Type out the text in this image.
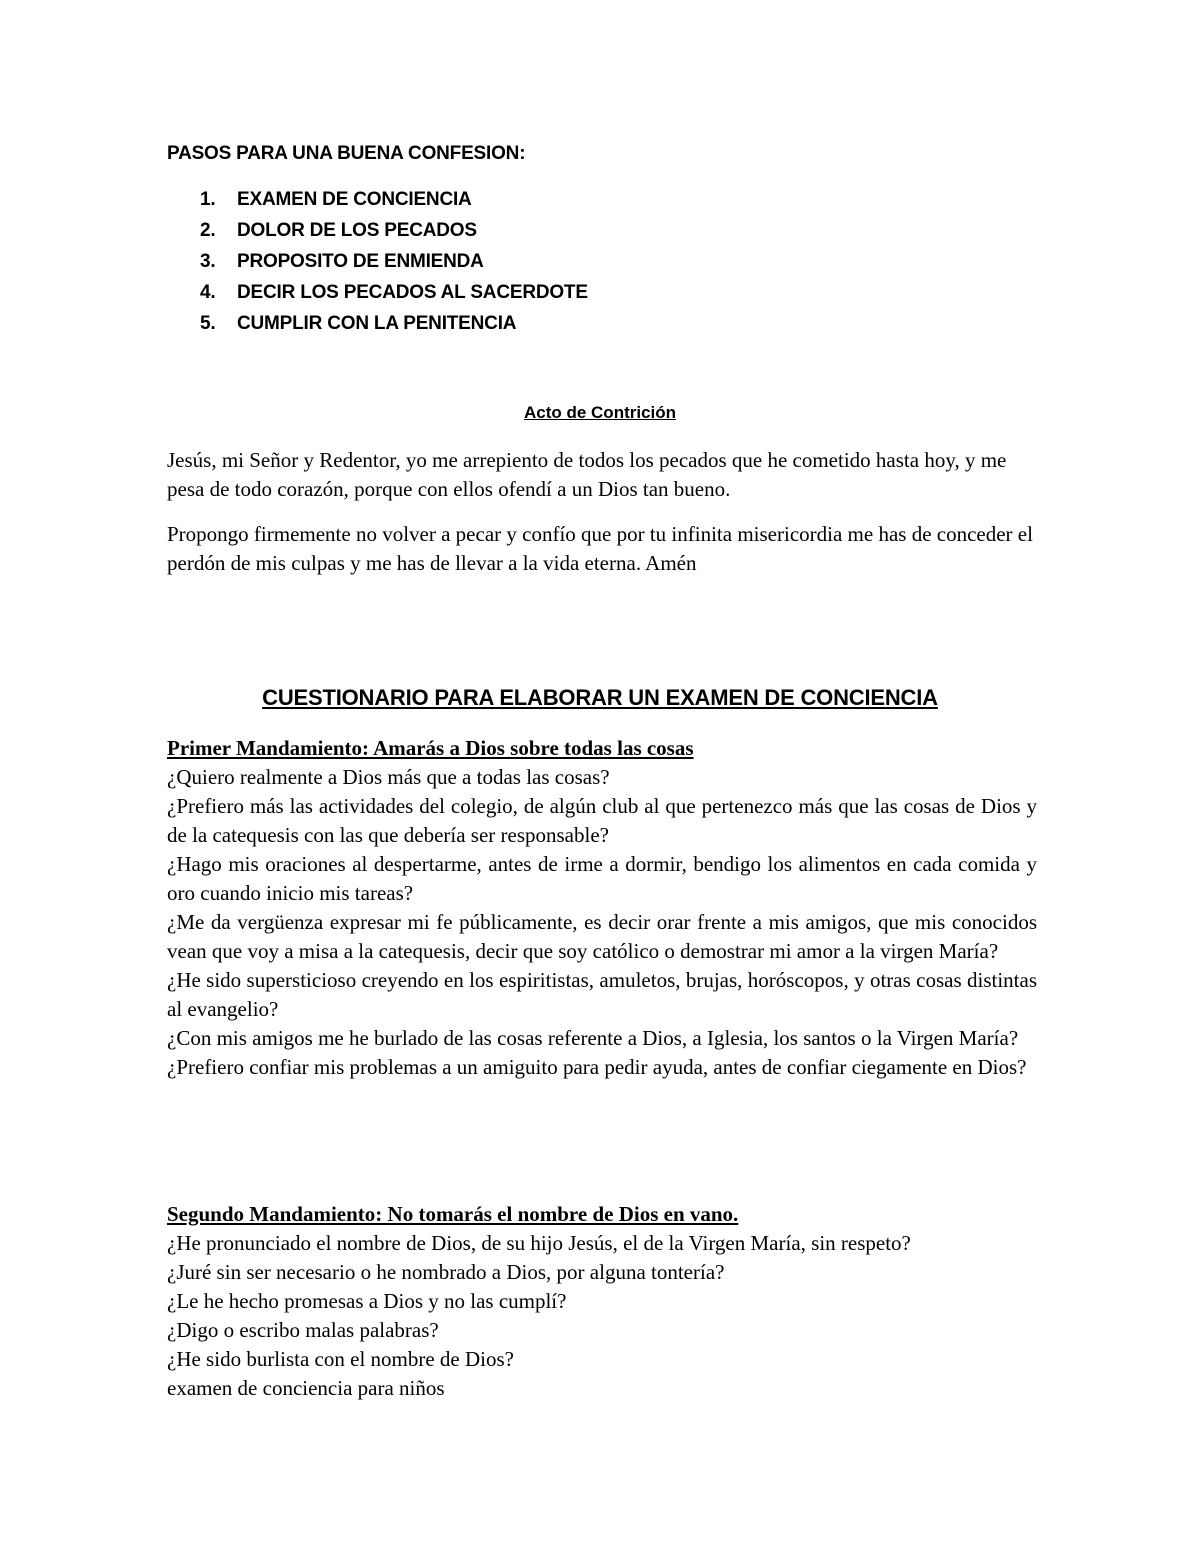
PASOS PARA UNA BUENA CONFESION:
1. EXAMEN DE CONCIENCIA
2. DOLOR DE LOS PECADOS
3. PROPOSITO DE ENMIENDA
4. DECIR LOS PECADOS AL SACERDOTE
5. CUMPLIR CON LA PENITENCIA
Acto de Contrición

Jesús, mi Señor y Redentor, yo me arrepiento de todos los pecados que he cometido hasta hoy, y me pesa de todo corazón, porque con ellos ofendí a un Dios tan bueno.

Propongo firmemente no volver a pecar y confío que por tu infinita misericordia me has de conceder el perdón de mis culpas y me has de llevar a la vida eterna. Amén

CUESTIONARIO PARA ELABORAR UN EXAMEN DE CONCIENCIA
Primer Mandamiento: Amarás a Dios sobre todas las cosas
¿Quiero realmente a Dios más que a todas las cosas?
¿Prefiero más las actividades del colegio, de algún club al que pertenezco más que las cosas de Dios y de la catequesis con las que debería ser responsable?
¿Hago mis oraciones al despertarme, antes de irme a dormir, bendigo los alimentos en cada comida y oro cuando inicio mis tareas?
¿Me da vergüenza expresar mi fe públicamente, es decir orar frente a mis amigos, que mis conocidos vean que voy a misa a la catequesis, decir que soy católico o demostrar mi amor a la virgen María?
¿He sido supersticioso creyendo en los espiritistas, amuletos, brujas, horóscopos, y otras cosas distintas al evangelio?
¿Con mis amigos me he burlado de las cosas referente a Dios, a Iglesia, los santos o la Virgen María?
¿Prefiero confiar mis problemas a un amiguito para pedir ayuda, antes de confiar ciegamente en Dios?
Segundo Mandamiento: No tomarás el nombre de Dios en vano.
¿He pronunciado el nombre de Dios, de su hijo Jesús, el de la Virgen María, sin respeto?
¿Juré sin ser necesario o he nombrado a Dios, por alguna tontería?
¿Le he hecho promesas a Dios y no las cumplí?
¿Digo o escribo malas palabras?
¿He sido burlista con el nombre de Dios?
examen de conciencia para niños
